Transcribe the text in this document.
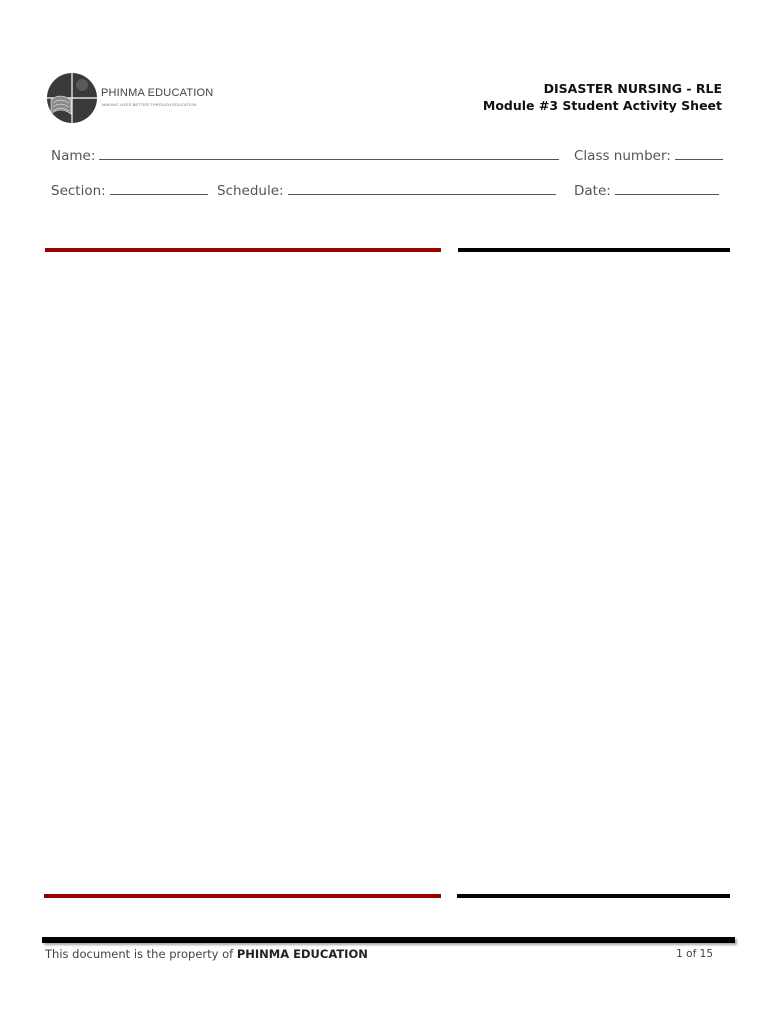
PHINMA EDUCATION
MAKING LIVES BETTER THROUGH EDUCATION
DISASTER NURSING - RLE
Module #3 Student Activity Sheet
Name:	Class number:
Section:	Schedule:	Date:
This document is the property of PHINMA EDUCATION	1 of 15
